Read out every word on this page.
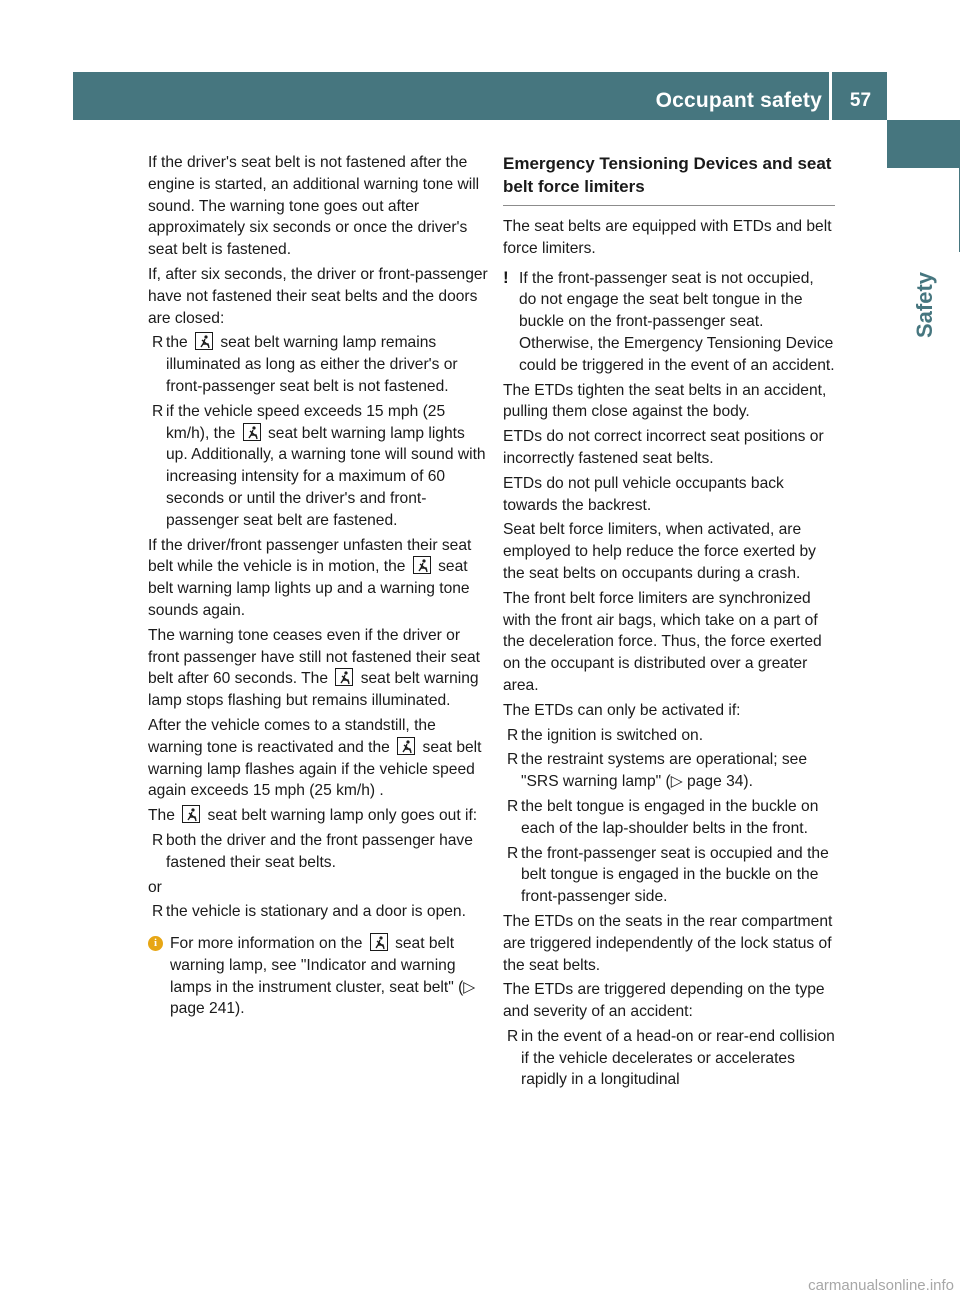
Occupant safety	57
Safety

If the driver's seat belt is not fastened after the engine is started, an additional warning tone will sound. The warning tone goes out after approximately six seconds or once the driver's seat belt is fastened.

If, after six seconds, the driver or front-passenger have not fastened their seat belts and the doors are closed:

R the
seat belt warning lamp remains illuminated as long as either the driver's or front-passenger seat belt is not fastened.
R if the vehicle speed exceeds 15 mph (25 km/h), the
seat belt warning lamp lights up. Additionally, a warning tone will sound with increasing intensity for a maximum of 60 seconds or until the driver's and front-passenger seat belt are fastened.

If the driver/front passenger unfasten their seat belt while the vehicle is in motion, the
seat belt warning lamp lights up and a warning tone sounds again.

The warning tone ceases even if the driver or front passenger have still not fastened their seat belt after 60 seconds. The
seat belt warning lamp stops flashing but remains illuminated.

After the vehicle comes to a standstill, the warning tone is reactivated and the
seat belt warning lamp flashes again if the vehicle speed again exceeds 15 mph (25 km/h) .

The
seat belt warning lamp only goes out if:

R both the driver and the front passenger have fastened their seat belts.

or

R the vehicle is stationary and a door is open.
i For more information on the
seat belt warning lamp, see "Indicator and warning lamps in the instrument cluster, seat belt" (▷ page 241).
Emergency Tensioning Devices and seat belt force limiters

The seat belts are equipped with ETDs and belt force limiters.

! If the front-passenger seat is not occupied, do not engage the seat belt tongue in the buckle on the front-passenger seat. Otherwise, the Emergency Tensioning Device could be triggered in the event of an accident.

The ETDs tighten the seat belts in an accident, pulling them close against the body.

ETDs do not correct incorrect seat positions or incorrectly fastened seat belts.

ETDs do not pull vehicle occupants back towards the backrest.

Seat belt force limiters, when activated, are employed to help reduce the force exerted by the seat belts on occupants during a crash.

The front belt force limiters are synchronized with the front air bags, which take on a part of the deceleration force. Thus, the force exerted on the occupant is distributed over a greater area.

The ETDs can only be activated if:

R the ignition is switched on.
R the restraint systems are operational; see "SRS warning lamp" (▷ page 34).
R the belt tongue is engaged in the buckle on each of the lap-shoulder belts in the front.
R the front-passenger seat is occupied and the belt tongue is engaged in the buckle on the front-passenger side.

The ETDs on the seats in the rear compartment are triggered independently of the lock status of the seat belts.

The ETDs are triggered depending on the type and severity of an accident:

R in the event of a head-on or rear-end collision if the vehicle decelerates or accelerates rapidly in a longitudinal
carmanualsonline.info
